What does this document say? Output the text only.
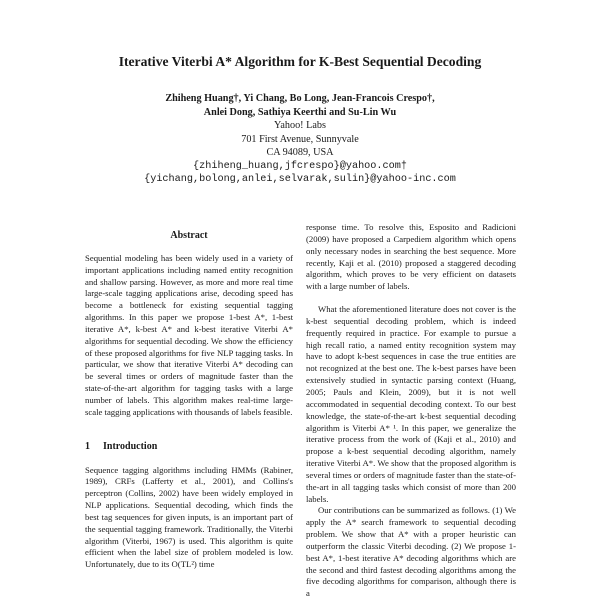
Iterative Viterbi A* Algorithm for K-Best Sequential Decoding
Zhiheng Huang†, Yi Chang, Bo Long, Jean-Francois Crespo†,
Anlei Dong, Sathiya Keerthi and Su-Lin Wu
Yahoo! Labs
701 First Avenue, Sunnyvale
CA 94089, USA
{zhiheng_huang,jfcrespo}@yahoo.com†
{yichang,bolong,anlei,selvarak,sulin}@yahoo-inc.com
Abstract

Sequential modeling has been widely used in a variety of important applications including named entity recognition and shallow parsing. However, as more and more real time large-scale tagging applications arise, decoding speed has become a bottleneck for existing sequential tagging algorithms. In this paper we propose 1-best A*, 1-best iterative A*, k-best A* and k-best iterative Viterbi A* algorithms for sequential decoding. We show the efficiency of these proposed algorithms for five NLP tagging tasks. In particular, we show that iterative Viterbi A* decoding can be several times or orders of magnitude faster than the state-of-the-art algorithm for tagging tasks with a large number of labels. This algorithm makes real-time large-scale tagging applications with thousands of labels feasible.

1 Introduction

Sequence tagging algorithms including HMMs (Rabiner, 1989), CRFs (Lafferty et al., 2001), and Collins's perceptron (Collins, 2002) have been widely employed in NLP applications. Sequential decoding, which finds the best tag sequences for given inputs, is an important part of the sequential tagging framework. Traditionally, the Viterbi algorithm (Viterbi, 1967) is used. This algorithm is quite efficient when the label size of problem modeled is low. Unfortunately, due to its O(TL²) time

response time. To resolve this, Esposito and Radicioni (2009) have proposed a Carpediem algorithm which opens only necessary nodes in searching the best sequence. More recently, Kaji et al. (2010) proposed a staggered decoding algorithm, which proves to be very efficient on datasets with a large number of labels.

What the aforementioned literature does not cover is the k-best sequential decoding problem, which is indeed frequently required in practice. For example to pursue a high recall ratio, a named entity recognition system may have to adopt k-best sequences in case the true entities are not recognized at the best one. The k-best parses have been extensively studied in syntactic parsing context (Huang, 2005; Pauls and Klein, 2009), but it is not well accommodated in sequential decoding context. To our best knowledge, the state-of-the-art k-best sequential decoding algorithm is Viterbi A* ¹. In this paper, we generalize the iterative process from the work of (Kaji et al., 2010) and propose a k-best sequential decoding algorithm, namely iterative Viterbi A*. We show that the proposed algorithm is several times or orders of magnitude faster than the state-of-the-art in all tagging tasks which consist of more than 200 labels.

Our contributions can be summarized as follows. (1) We apply the A* search framework to sequential decoding problem. We show that A* with a proper heuristic can outperform the classic Viterbi decoding. (2) We propose 1-best A*, 1-best iterative A* decoding algorithms which are the second and third fastest decoding algorithms among the five decoding algorithms for comparison, although there is a
